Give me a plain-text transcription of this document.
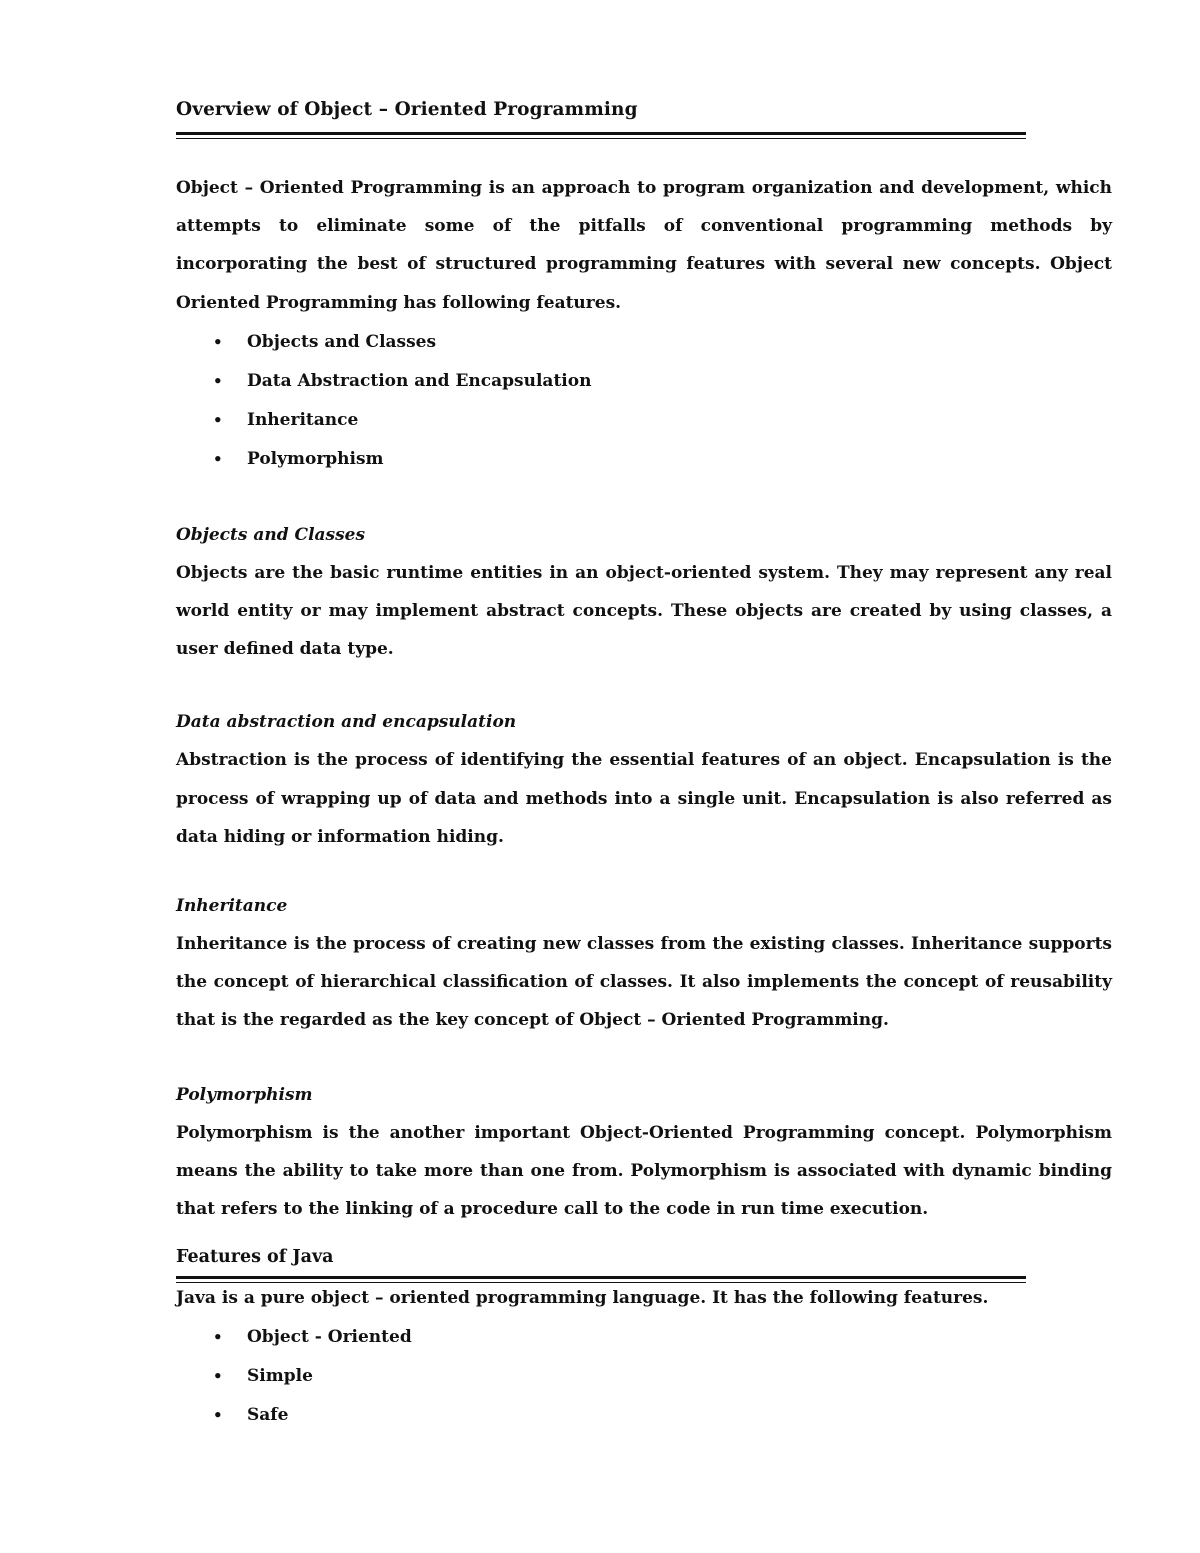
Overview of Object – Oriented Programming

Object – Oriented Programming is an approach to program organization and development, which attempts to eliminate some of the pitfalls of conventional programming methods by incorporating the best of structured programming features with several new concepts. Object Oriented Programming has following features.

• Objects and Classes
• Data Abstraction and Encapsulation
• Inheritance
• Polymorphism
Objects and Classes

Objects are the basic runtime entities in an object-oriented system. They may represent any real world entity or may implement abstract concepts. These objects are created by using classes, a user defined data type.

Data abstraction and encapsulation

Abstraction is the process of identifying the essential features of an object. Encapsulation is the process of wrapping up of data and methods into a single unit. Encapsulation is also referred as data hiding or information hiding.

Inheritance

Inheritance is the process of creating new classes from the existing classes. Inheritance supports the concept of hierarchical classification of classes. It also implements the concept of reusability that is the regarded as the key concept of Object – Oriented Programming.

Polymorphism

Polymorphism is the another important Object-Oriented Programming concept. Polymorphism means the ability to take more than one from. Polymorphism is associated with dynamic binding that refers to the linking of a procedure call to the code in run time execution.

Features of Java

Java is a pure object – oriented programming language. It has the following features.

• Object - Oriented
• Simple
• Safe
